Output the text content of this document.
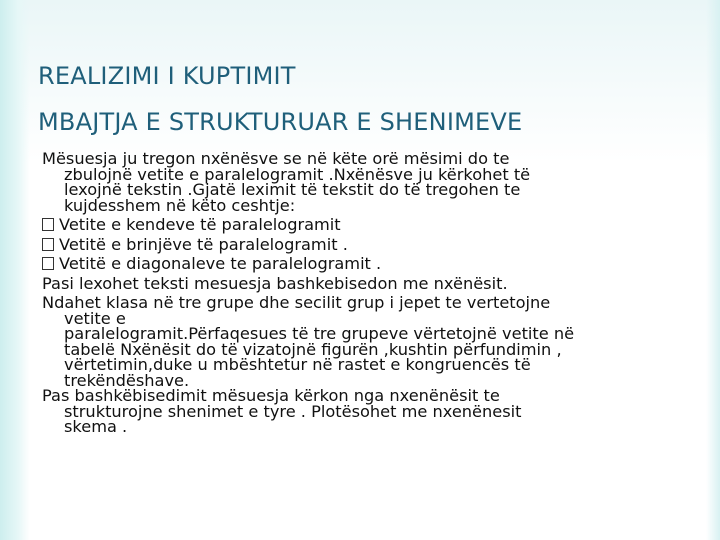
REALIZIMI I KUPTIMIT
MBAJTJA E STRUKTURUAR E SHENIMEVE
Mësuesja ju tregon nxënësve se në këte orë mësimi do te
zbulojnë vetite e paralelogramit .Nxënësve ju kërkohet të
lexojnë tekstin .Gjatë leximit të tekstit do të tregohen te
kujdesshem në këto ceshtje:
Vetite e kendeve të paralelogramit
Vetitë e brinjëve të paralelogramit .
Vetitë e diagonaleve te paralelogramit .
Pasi lexohet teksti mesuesja bashkebisedon me nxënësit.
Ndahet klasa në tre grupe dhe secilit grup i jepet te vertetojne
vetite e
paralelogramit.Përfaqesues të tre grupeve vërtetojnë vetite në
tabelë Nxënësit do të vizatojnë figurën ,kushtin përfundimin ,
vërtetimin,duke u mbështetur në rastet e kongruencës të
trekëndëshave.
Pas bashkëbisedimit mësuesja kërkon nga nxenënësit te
strukturojne shenimet e tyre . Plotësohet me nxenënesit
skema .
